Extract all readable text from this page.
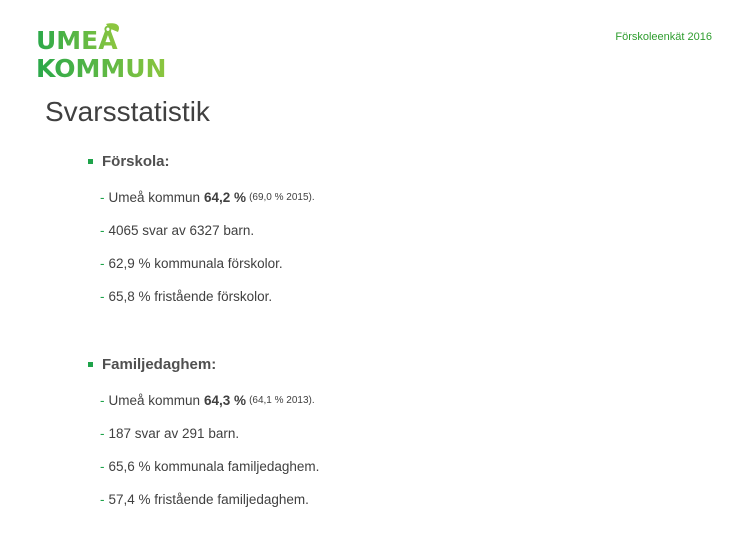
UMEÅ
KOMMUN
Förskoleenkät 2016
Svarsstatistik
Förskola:
- Umeå kommun 64,2 % (69,0 % 2015).
- 4065 svar av 6327 barn.
- 62,9 % kommunala förskolor.
- 65,8 % fristående förskolor.
Familjedaghem:
- Umeå kommun 64,3 % (64,1 % 2013).
- 187 svar av 291 barn.
- 65,6 % kommunala familjedaghem.
- 57,4 % fristående familjedaghem.
